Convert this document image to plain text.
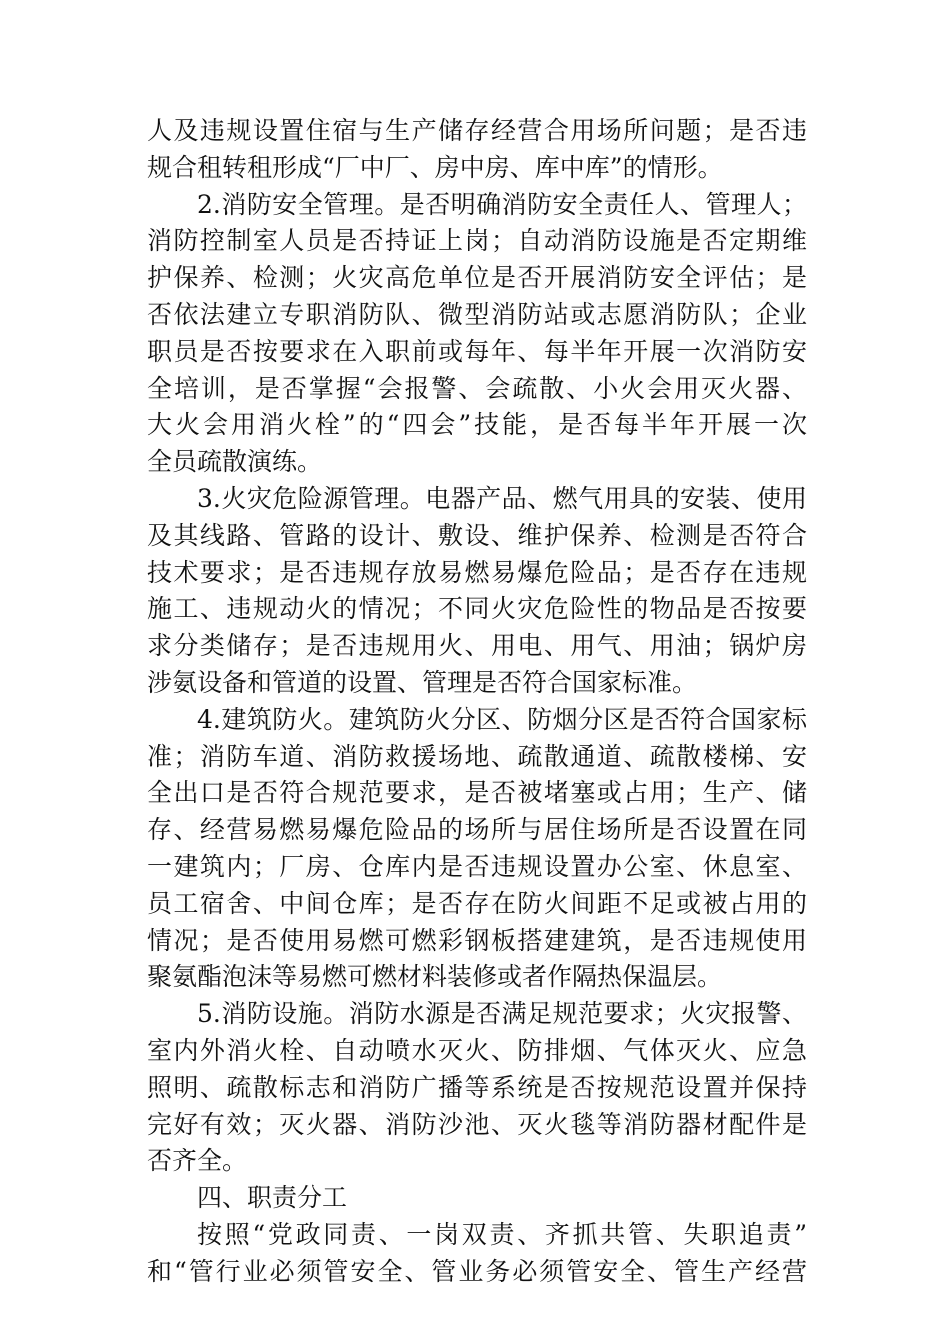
人及违规设置住宿与生产储存经营合用场所问题；是否违
规合租转租形成“厂中厂、房中房、库中库”的情形。
2.消防安全管理。是否明确消防安全责任人、管理人；
消防控制室人员是否持证上岗；自动消防设施是否定期维
护保养、检测；火灾高危单位是否开展消防安全评估；是
否依法建立专职消防队、微型消防站或志愿消防队；企业
职员是否按要求在入职前或每年、每半年开展一次消防安
全培训，是否掌握“会报警、会疏散、小火会用灭火器、
大火会用消火栓”的“四会”技能，是否每半年开展一次
全员疏散演练。
3.火灾危险源管理。电器产品、燃气用具的安装、使用
及其线路、管路的设计、敷设、维护保养、检测是否符合
技术要求；是否违规存放易燃易爆危险品；是否存在违规
施工、违规动火的情况；不同火灾危险性的物品是否按要
求分类储存；是否违规用火、用电、用气、用油；锅炉房
涉氨设备和管道的设置、管理是否符合国家标准。
4.建筑防火。建筑防火分区、防烟分区是否符合国家标
准；消防车道、消防救援场地、疏散通道、疏散楼梯、安
全出口是否符合规范要求，是否被堵塞或占用；生产、储
存、经营易燃易爆危险品的场所与居住场所是否设置在同
一建筑内；厂房、仓库内是否违规设置办公室、休息室、
员工宿舍、中间仓库；是否存在防火间距不足或被占用的
情况；是否使用易燃可燃彩钢板搭建建筑，是否违规使用
聚氨酯泡沫等易燃可燃材料装修或者作隔热保温层。
5.消防设施。消防水源是否满足规范要求；火灾报警、
室内外消火栓、自动喷水灭火、防排烟、气体灭火、应急
照明、疏散标志和消防广播等系统是否按规范设置并保持
完好有效；灭火器、消防沙池、灭火毯等消防器材配件是
否齐全。
四、职责分工
按照“党政同责、一岗双责、齐抓共管、失职追责”
和“管行业必须管安全、管业务必须管安全、管生产经营
